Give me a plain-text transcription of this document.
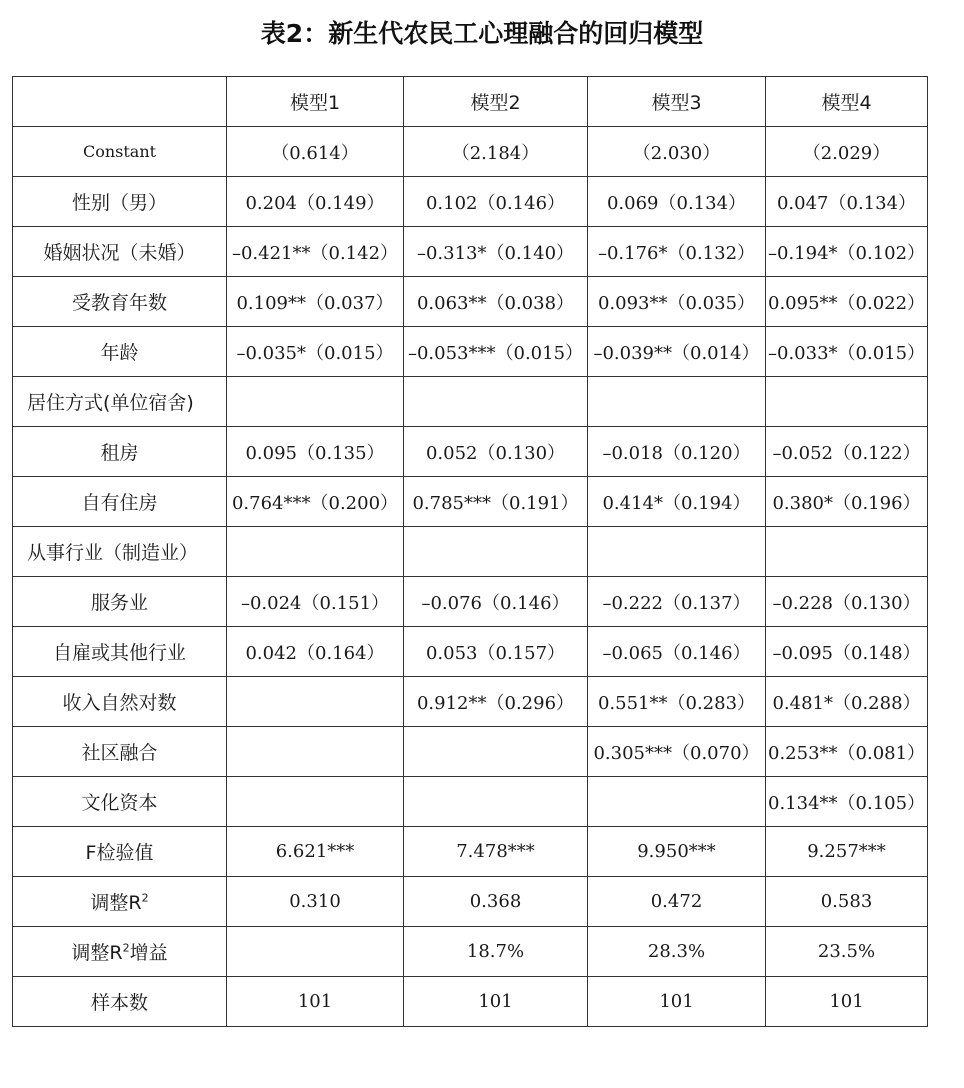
表2：新生代农民工心理融合的回归模型
	模型1	模型2	模型3	模型4
Constant	（0.614）	（2.184）	（2.030）	（2.029）
性别（男）	0.204（0.149）	0.102（0.146）	0.069（0.134）	0.047（0.134）
婚姻状况（未婚）	–0.421**（0.142）	–0.313*（0.140）	–0.176*（0.132）	–0.194*（0.102）
受教育年数	0.109**（0.037）	0.063**（0.038）	0.093**（0.035）	0.095**（0.022）
年龄	–0.035*（0.015）	–0.053***（0.015）	–0.039**（0.014）	–0.033*（0.015）
居住方式(单位宿舍)				
租房	0.095（0.135）	0.052（0.130）	–0.018（0.120）	–0.052（0.122）
自有住房	0.764***（0.200）	0.785***（0.191）	0.414*（0.194）	0.380*（0.196）
从事行业（制造业）				
服务业	–0.024（0.151）	–0.076（0.146）	–0.222（0.137）	–0.228（0.130）
自雇或其他行业	0.042（0.164）	0.053（0.157）	–0.065（0.146）	–0.095（0.148）
收入自然对数		0.912**（0.296）	0.551**（0.283）	0.481*（0.288）
社区融合			0.305***（0.070）	0.253**（0.081）
文化资本				0.134**（0.105）
F检验值	6.621***	7.478***	9.950***	9.257***
调整$R^2$	0.310	0.368	0.472	0.583
调整$R^2$增益		18.7%	28.3%	23.5%
样本数	101	101	101	101
